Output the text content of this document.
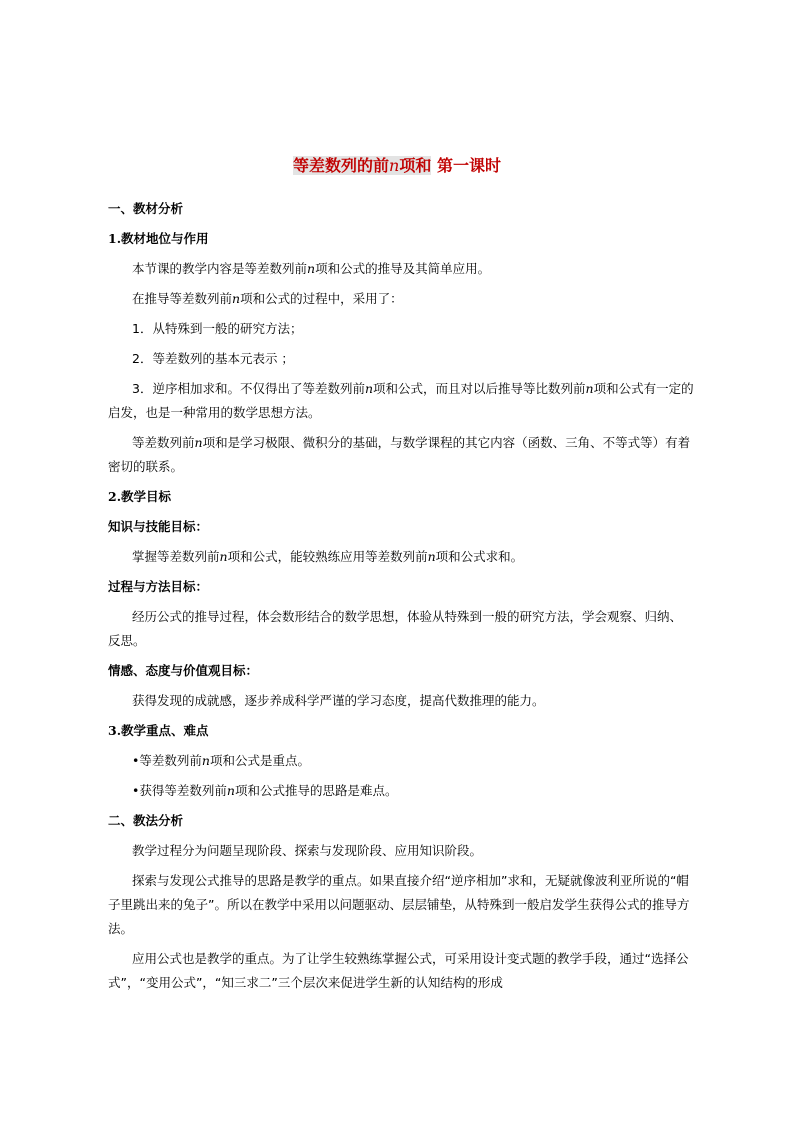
等差数列的前n项和 第一课时

一、教材分析

1.教材地位与作用

本节课的教学内容是等差数列前n项和公式的推导及其简单应用。

在推导等差数列前n项和公式的过程中，采用了：

1．从特殊到一般的研究方法；

2．等差数列的基本元表示 ；

3．逆序相加求和。不仅得出了等差数列前n项和公式，而且对以后推导等比数列前n项和公式有一定的启发，也是一种常用的数学思想方法。

等差数列前n项和是学习极限、微积分的基础，与数学课程的其它内容（函数、三角、不等式等）有着密切的联系。

2.教学目标

知识与技能目标：

掌握等差数列前n项和公式，能较熟练应用等差数列前n项和公式求和。

过程与方法目标：

经历公式的推导过程，体会数形结合的数学思想，体验从特殊到一般的研究方法，学会观察、归纳、反思。

情感、态度与价值观目标：

获得发现的成就感，逐步养成科学严谨的学习态度，提高代数推理的能力。

3.教学重点、难点

•等差数列前n项和公式是重点。

•获得等差数列前n项和公式推导的思路是难点。

二、教法分析

教学过程分为问题呈现阶段、探索与发现阶段、应用知识阶段。

探索与发现公式推导的思路是教学的重点。如果直接介绍“逆序相加”求和，无疑就像波利亚所说的“帽子里跳出来的兔子”。所以在教学中采用以问题驱动、层层铺垫，从特殊到一般启发学生获得公式的推导方法。

应用公式也是教学的重点。为了让学生较熟练掌握公式，可采用设计变式题的教学手段，通过“选择公式”，“变用公式”，“知三求二”三个层次来促进学生新的认知结构的形成
